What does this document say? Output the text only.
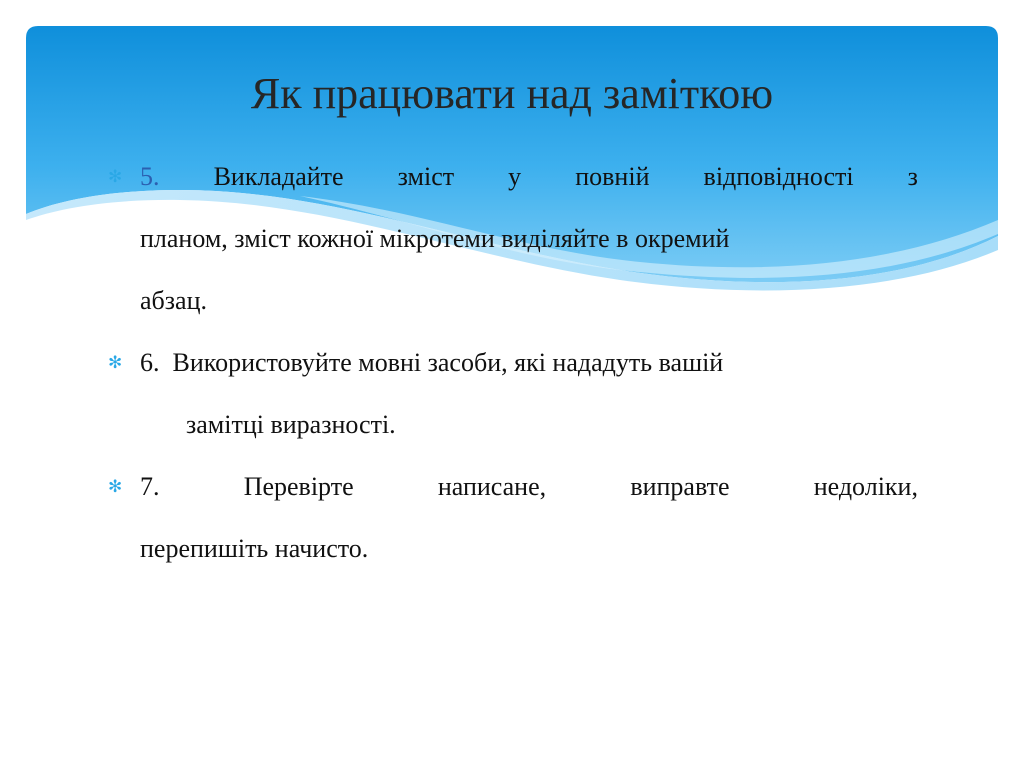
Як працювати над заміткою
✻ 5. Викладайте зміст у повній відповідності з
планом, зміст кожної мікротеми виділяйте в окремий
абзац.
✻ 6. Використовуйте мовні засоби, які нададуть вашій
замітці виразності.
✻ 7.	Перевірте	написане,	виправте	недоліки,
перепишіть начисто.
